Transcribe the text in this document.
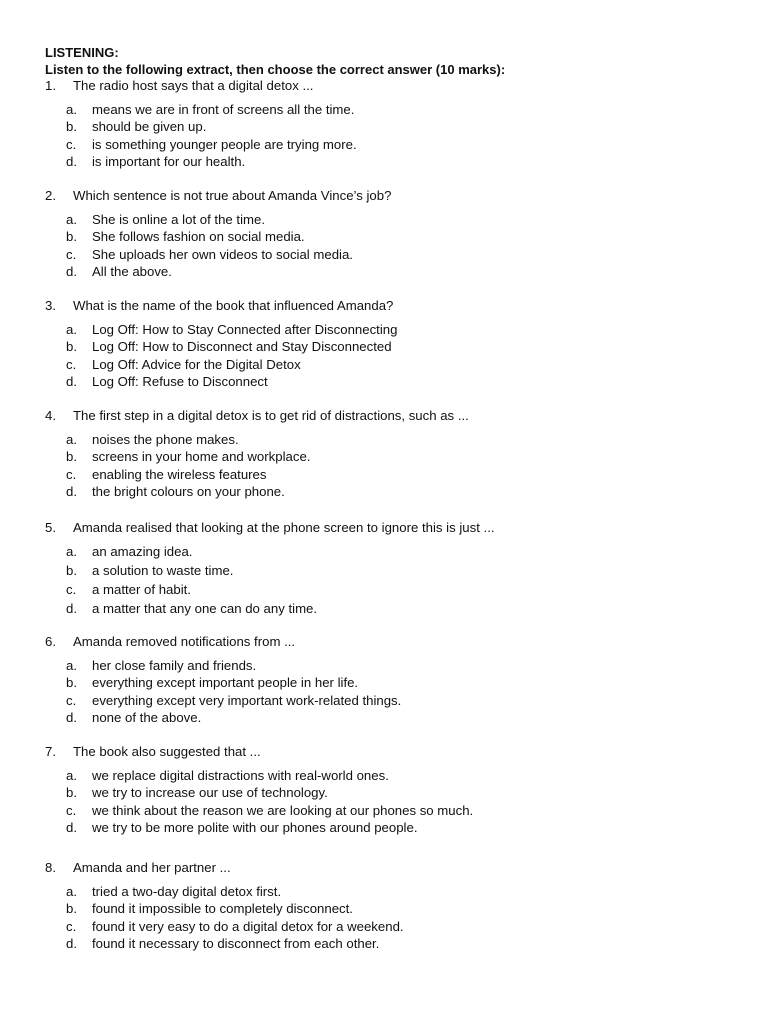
LISTENING:
Listen to the following extract, then choose the correct answer (10 marks):
1.	The radio host says that a digital detox ...
a.	means we are in front of screens all the time.
b.	should be given up.
c.	is something younger people are trying more.
d.	is important for our health.
2.	Which sentence is not true about Amanda Vince’s job?
a.	She is online a lot of the time.
b.	She follows fashion on social media.
c.	She uploads her own videos to social media.
d.	All the above.
3.	What is the name of the book that influenced Amanda?
a.	Log Off: How to Stay Connected after Disconnecting
b.	Log Off: How to Disconnect and Stay Disconnected
c.	Log Off: Advice for the Digital Detox
d.	Log Off: Refuse to Disconnect
4.	The first step in a digital detox is to get rid of distractions, such as ...
a.	noises the phone makes.
b.	screens in your home and workplace.
c.	enabling the wireless features
d.	the bright colours on your phone.
5.	Amanda realised that looking at the phone screen to ignore this is just ...
a.	an amazing idea.
b.	a solution to waste time.
c.	a matter of habit.
d.	a matter that any one can do any time.
6.	Amanda removed notifications from ...
a.	her close family and friends.
b.	everything except important people in her life.
c.	everything except very important work-related things.
d.	none of the above.
7.	The book also suggested that ...
a.	we replace digital distractions with real-world ones.
b.	we try to increase our use of technology.
c.	we think about the reason we are looking at our phones so much.
d.	we try to be more polite with our phones around people.
8.	Amanda and her partner ...
a.	tried a two-day digital detox first.
b.	found it impossible to completely disconnect.
c.	found it very easy to do a digital detox for a weekend.
d.	found it necessary to disconnect from each other.
